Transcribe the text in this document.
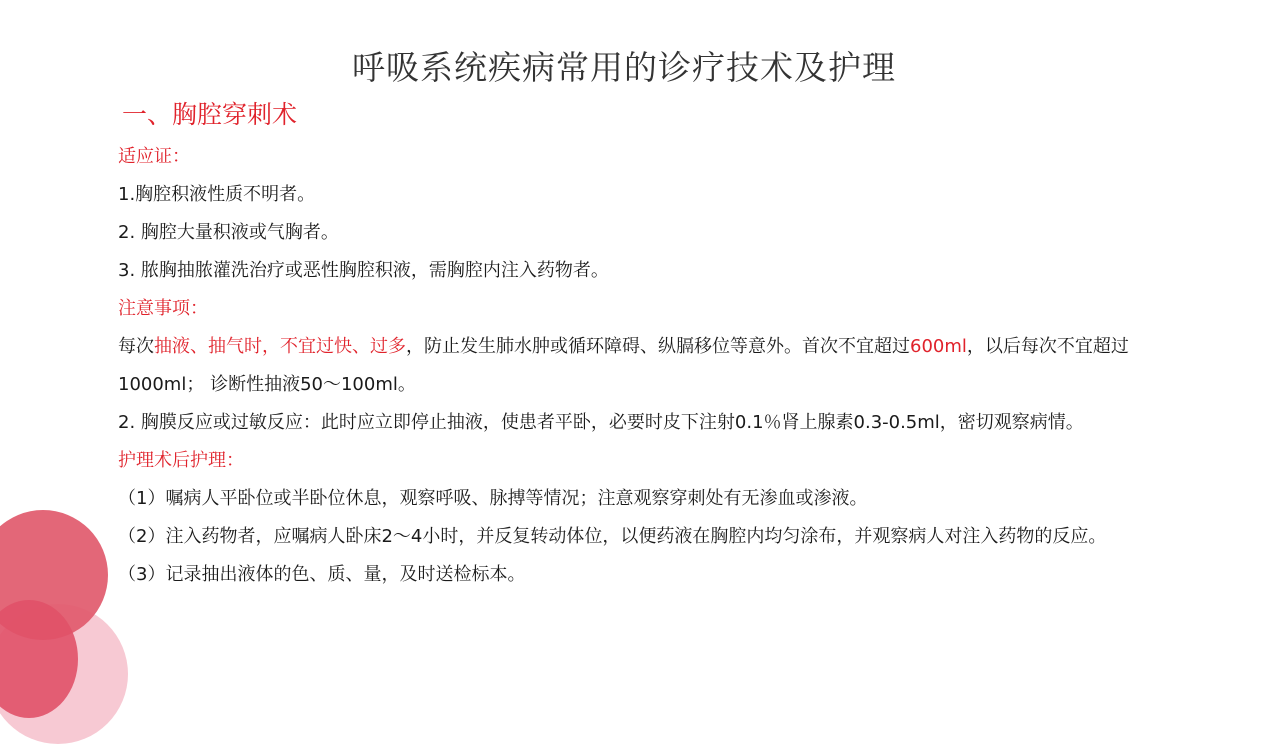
呼吸系统疾病常用的诊疗技术及护理
一、胸腔穿刺术

适应证：

1.胸腔积液性质不明者。

2. 胸腔大量积液或气胸者。

3. 脓胸抽脓灌洗治疗或恶性胸腔积液，需胸腔内注入药物者。

注意事项：

每次抽液、抽气时，不宜过快、过多，防止发生肺水肿或循环障碍、纵膈移位等意外。首次不宜超过600ml，以后每次不宜超过1000ml； 诊断性抽液50～100ml。

2. 胸膜反应或过敏反应：此时应立即停止抽液，使患者平卧，必要时皮下注射0.1％肾上腺素0.3-0.5ml，密切观察病情。

护理术后护理：

（1）嘱病人平卧位或半卧位休息，观察呼吸、脉搏等情况；注意观察穿刺处有无渗血或渗液。

（2）注入药物者，应嘱病人卧床2～4小时，并反复转动体位，以便药液在胸腔内均匀涂布，并观察病人对注入药物的反应。

（3）记录抽出液体的色、质、量，及时送检标本。
